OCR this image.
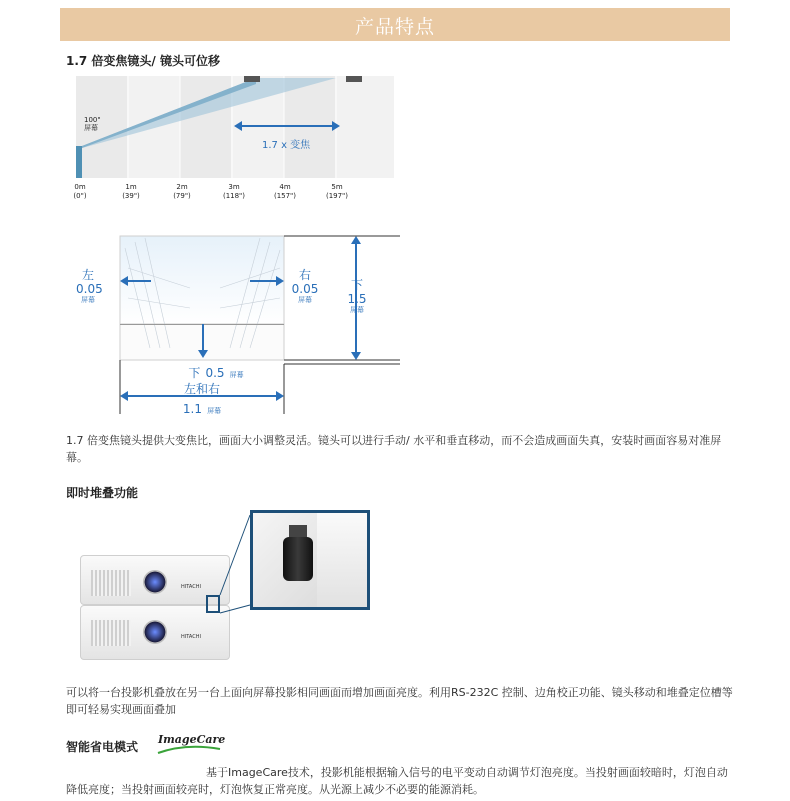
产品特点
1.7 倍变焦镜头/ 镜头可位移
100"
屏幕
1.7 x 变焦
0m
(0")
1m
(39")
2m
(79")
3m
(118")
4m
(157")
5m
(197")
左
0.05
屏幕
右
0.05
屏幕
下
1.5
屏幕
下 0.5 屏幕
左和右
1.1 屏幕
1.7 倍变焦镜头提供大变焦比，画面大小调整灵活。镜头可以进行手动/ 水平和垂直移动，而不会造成画面失真，安装时画面容易对准屏幕。
即时堆叠功能
HITACHI
HITACHI
可以将一台投影机叠放在另一台上面向屏幕投影相同画面而增加画面亮度。利用RS-232C 控制、边角校正功能、镜头移动和堆叠定位槽等即可轻易实现画面叠加
智能省电模式
ImageCare
基于ImageCare技术，投影机能根据输入信号的电平变动自动调节灯泡亮度。当投射画面较暗时，灯泡自动降低亮度；当投射画面较亮时，灯泡恢复正常亮度。从光源上减少不必要的能源消耗。
